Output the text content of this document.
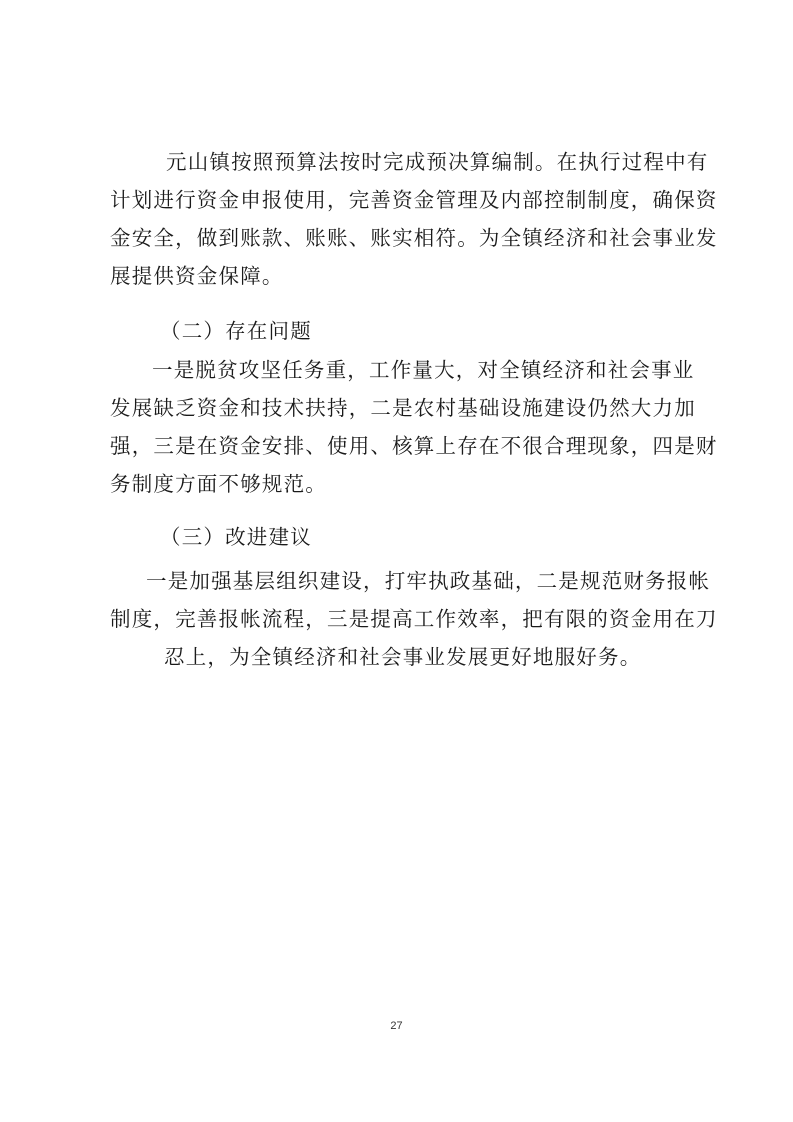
元山镇按照预算法按时完成预决算编制。在执行过程中有
计划进行资金申报使用，完善资金管理及内部控制制度，确保资
金安全，做到账款、账账、账实相符。为全镇经济和社会事业发
展提供资金保障。

（二）存在问题

一是脱贫攻坚任务重，工作量大，对全镇经济和社会事业
发展缺乏资金和技术扶持，二是农村基础设施建设仍然大力加
强，三是在资金安排、使用、核算上存在不很合理现象，四是财
务制度方面不够规范。

（三）改进建议

一是加强基层组织建设，打牢执政基础，二是规范财务报帐
制度，完善报帐流程，三是提高工作效率，把有限的资金用在刀
忍上，为全镇经济和社会事业发展更好地服好务。

27
